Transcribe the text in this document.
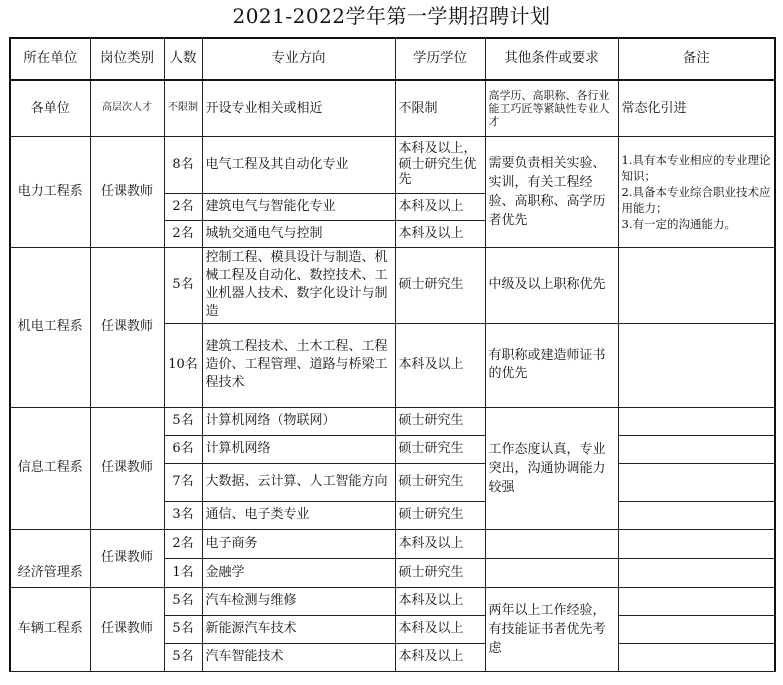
2021-2022学年第一学期招聘计划
所在单位	岗位类别	人数	专业方向	学历学位	其他条件或要求	备注
各单位	高层次人才	不限制	开设专业相关或相近	不限制	高学历、高职称、各行业能工巧匠等紧缺性专业人才	常态化引进
电力工程系	任课教师	8名	电气工程及其自动化专业	本科及以上，硕士研究生优先	需要负责相关实验、实训，有关工程经验、高职称、高学历者优先	1.具有本专业相应的专业理论知识；
2.具备本专业综合职业技术应用能力；
3.有一定的沟通能力。
		2名	建筑电气与智能化专业	本科及以上		
		2名	城轨交通电气与控制	本科及以上		
机电工程系	任课教师	5名	控制工程、模具设计与制造、机械工程及自动化、数控技术、工业机器人技术、数字化设计与制造	硕士研究生	中级及以上职称优先	
		10名	建筑工程技术、土木工程、工程造价、工程管理、道路与桥梁工程技术	本科及以上	有职称或建造师证书的优先	
信息工程系	任课教师	5名	计算机网络（物联网）	硕士研究生	工作态度认真，专业突出，沟通协调能力较强	
		6名	计算机网络	硕士研究生		
		7名	大数据、云计算、人工智能方向	硕士研究生		
		3名	通信、电子类专业	硕士研究生		
经济管理系	任课教师	2名	电子商务	本科及以上		
		1名	金融学	硕士研究生		
车辆工程系	任课教师	5名	汽车检测与维修	本科及以上	两年以上工作经验，有技能证书者优先考虑	
		5名	新能源汽车技术	本科及以上		
		5名	汽车智能技术	本科及以上		
